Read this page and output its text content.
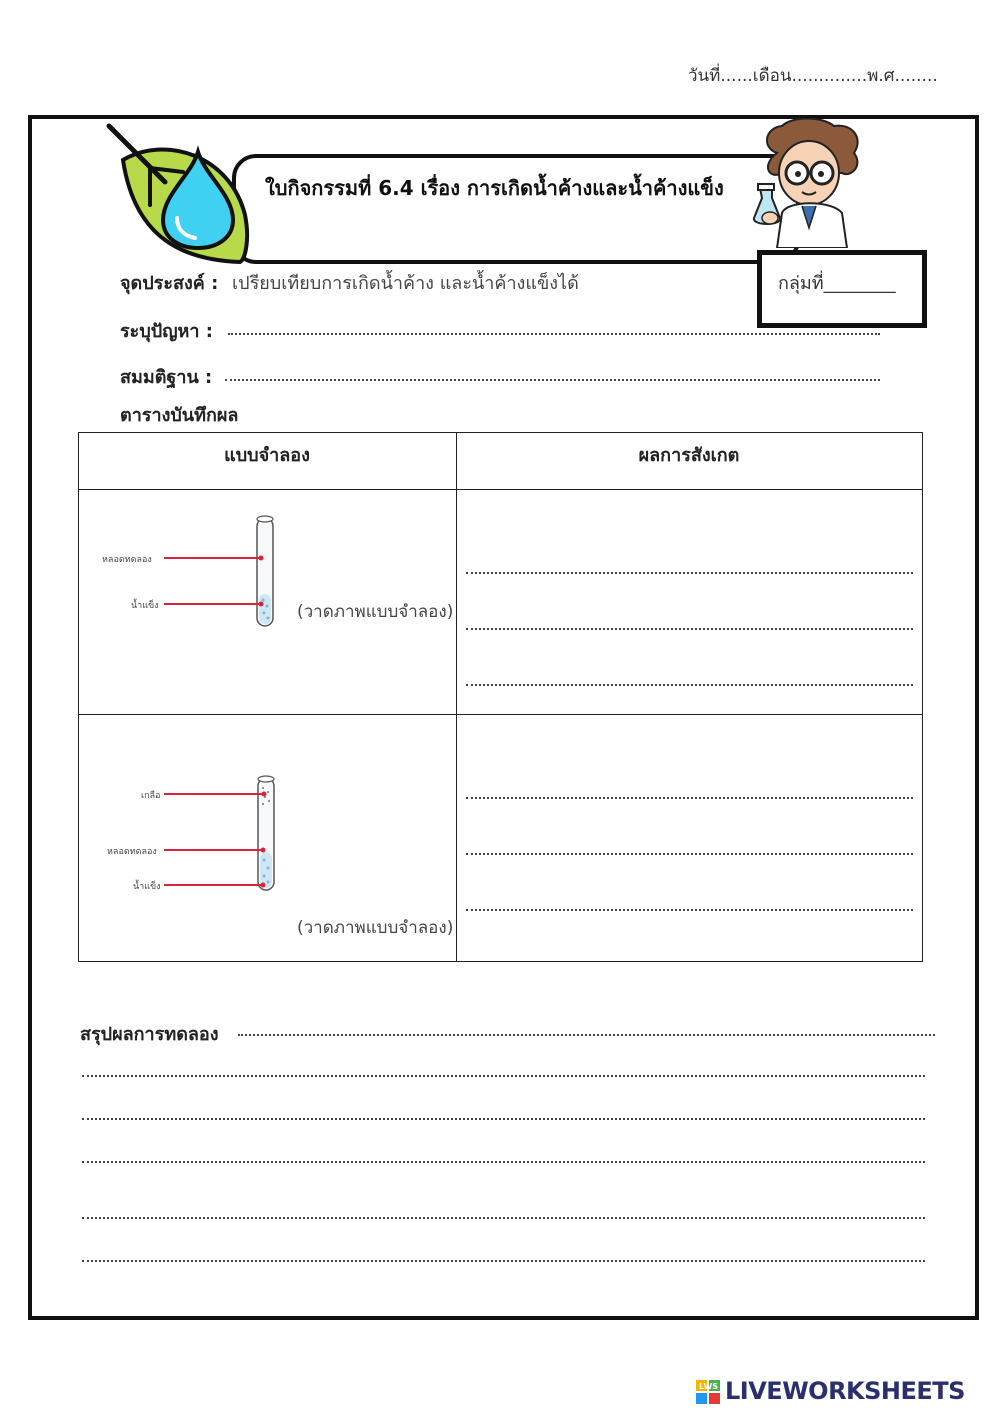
วันที่......เดือน..............พ.ศ........
ใบกิจกรรมที่ 6.4 เรื่อง การเกิดน้ำค้างและน้ำค้างแข็ง
กลุ่มที่________
จุดประสงค์ : เปรียบเทียบการเกิดน้ำค้าง และน้ำค้างแข็งได้
ระบุปัญหา :
สมมติฐาน :
ตารางบันทึกผล
แบบจำลอง	ผลการสังเกต
หลอดทดลอง
น้ำแข็ง	(วาดภาพแบบจำลอง)
เกลือ
หลอดทดลอง
น้ำแข็ง
(วาดภาพแบบจำลอง)
สรุปผลการทดลอง
LWS LIVEWORKSHEETS
